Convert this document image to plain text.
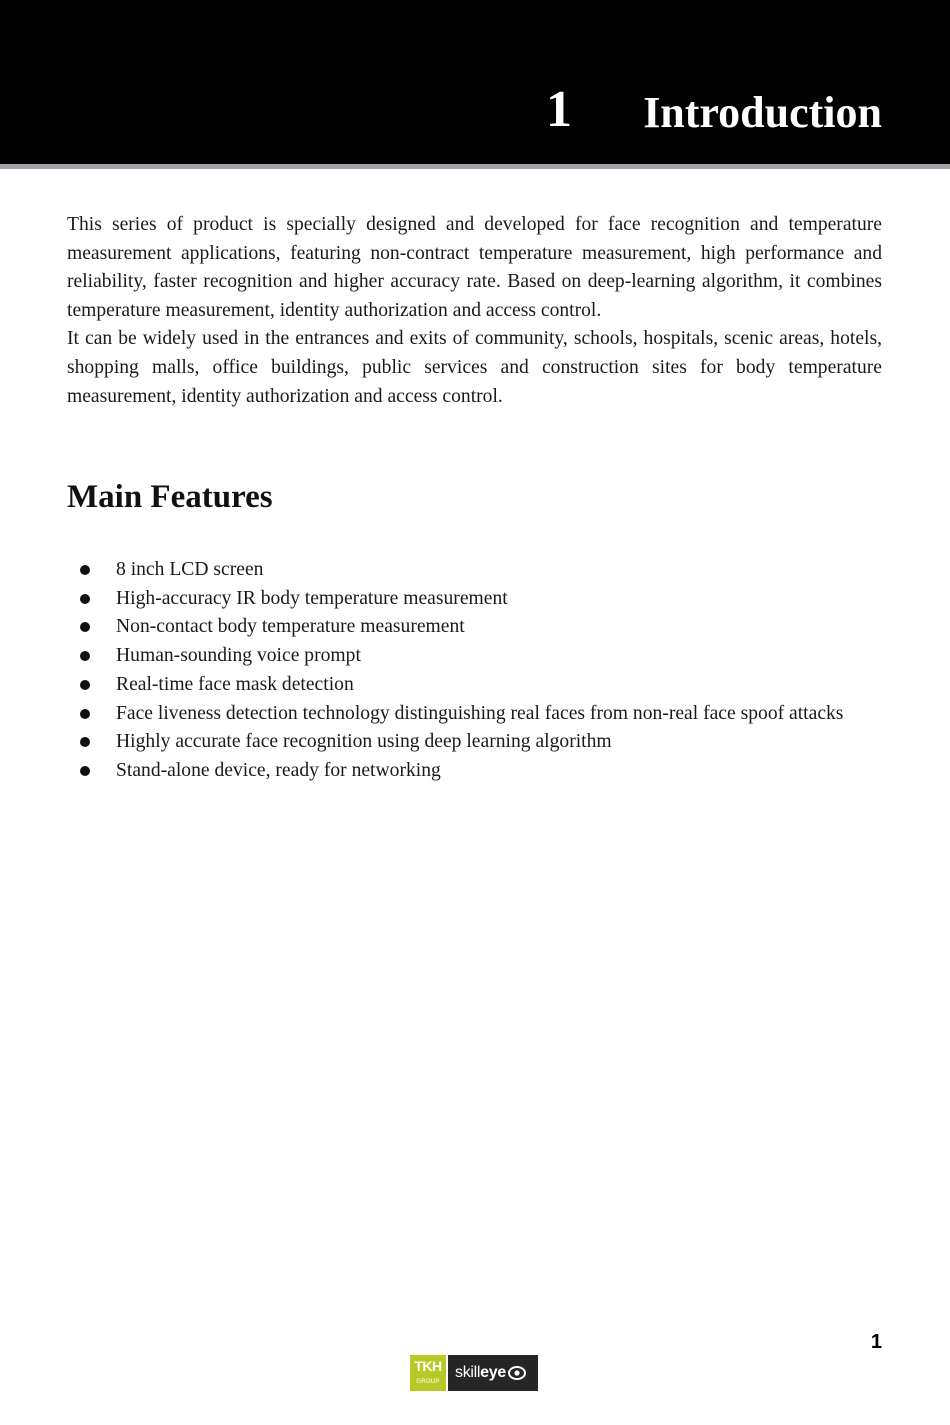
1 Introduction

This series of product is specially designed and developed for face recognition and temperature measurement applications, featuring non-contract temperature measurement, high performance and reliability, faster recognition and higher accuracy rate. Based on deep-learning algorithm, it combines temperature measurement, identity authorization and access control.

It can be widely used in the entrances and exits of community, schools, hospitals, scenic areas, hotels, shopping malls, office buildings, public services and construction sites for body temperature measurement, identity authorization and access control.

Main Features
8 inch LCD screen
High-accuracy IR body temperature measurement
Non-contact body temperature measurement
Human-sounding voice prompt
Real-time face mask detection
Face liveness detection technology distinguishing real faces from non-real face spoof attacks
Highly accurate face recognition using deep learning algorithm
Stand-alone device, ready for networking
1
TKH
GROUP
skill eye
